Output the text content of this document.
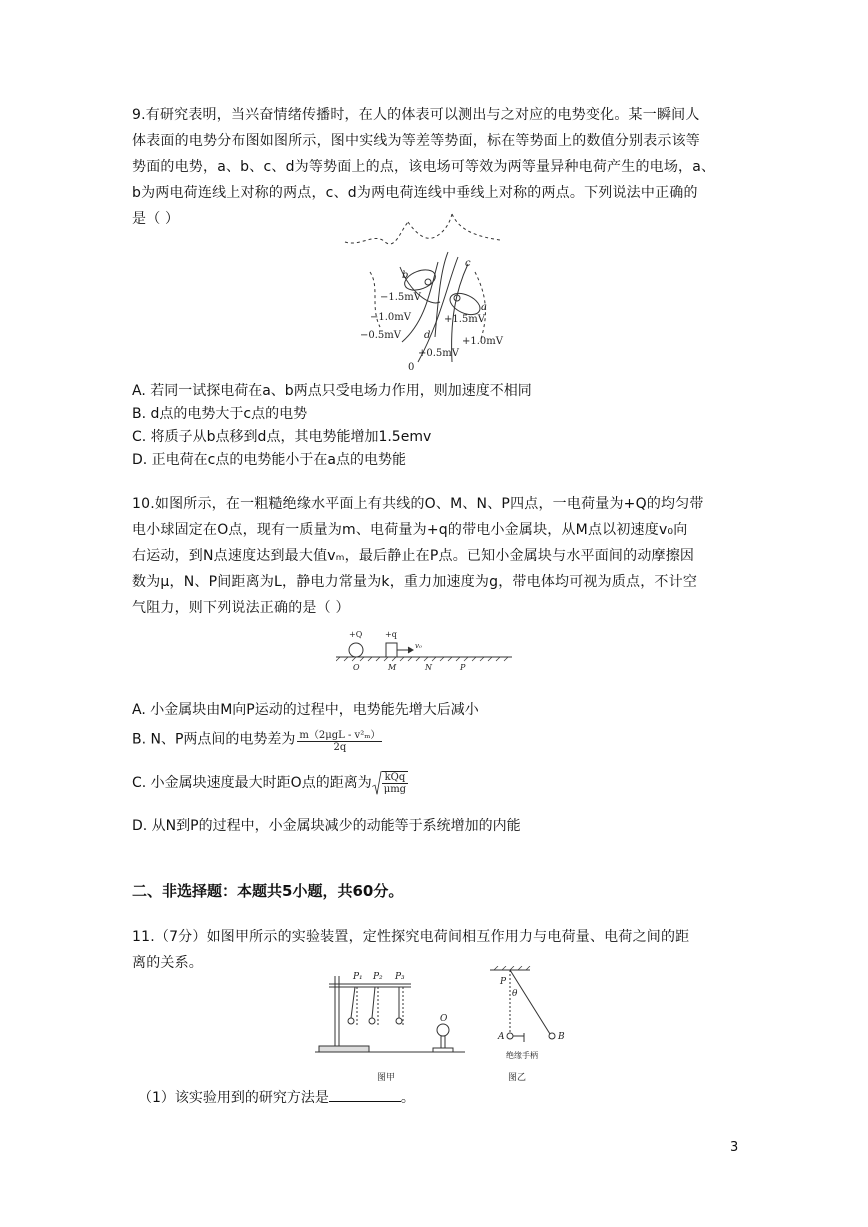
9.有研究表明，当兴奋情绪传播时，在人的体表可以测出与之对应的电势变化。某一瞬间人
体表面的电势分布图如图所示，图中实线为等差等势面，标在等势面上的数值分别表示该等
势面的电势，a、b、c、d为等势面上的点，该电场可等效为两等量异种电荷产生的电场，a、
b为两电荷连线上对称的两点，c、d为两电荷连线中垂线上对称的两点。下列说法中正确的
是（ ）
b
c
a
d
−1.5mV
−1.0mV
−0.5mV
+1.5mV
+1.0mV
+0.5mV
0
A. 若同一试探电荷在a、b两点只受电场力作用，则加速度不相同
B. d点的电势大于c点的电势
C. 将质子从b点移到d点，其电势能增加1.5emv
D. 正电荷在c点的电势能小于在a点的电势能
10.如图所示，在一粗糙绝缘水平面上有共线的O、M、N、P四点，一电荷量为+Q的均匀带
电小球固定在O点，现有一质量为m、电荷量为+q的带电小金属块，从M点以初速度v₀向
右运动，到N点速度达到最大值vₘ，最后静止在P点。已知小金属块与水平面间的动摩擦因
数为μ，N、P间距离为L，静电力常量为k，重力加速度为g，带电体均可视为质点，不计空
气阻力，则下列说法正确的是（ ）
+Q	+q
v₀
O	M	N	P
A. 小金属块由M向P运动的过程中，电势能先增大后减小
B. N、P两点间的电势差为 $\frac{\text{m（2μgL - v²ₘ）}}{2q}$
C. 小金属块速度最大时距O点的距离为 $\frac{\text{kQq}}{\text{μmg}}$
D. 从N到P的过程中，小金属块减少的动能等于系统增加的内能
二、非选择题：本题共5小题，共60分。
11.（7分）如图甲所示的实验装置，定性探究电荷间相互作用力与电荷量、电荷之间的距
离的关系。
P₁ P₂ P₃
O
图甲
P
θ
A	B
绝缘手柄
图乙
（1）该实验用到的研究方法是	。
3
